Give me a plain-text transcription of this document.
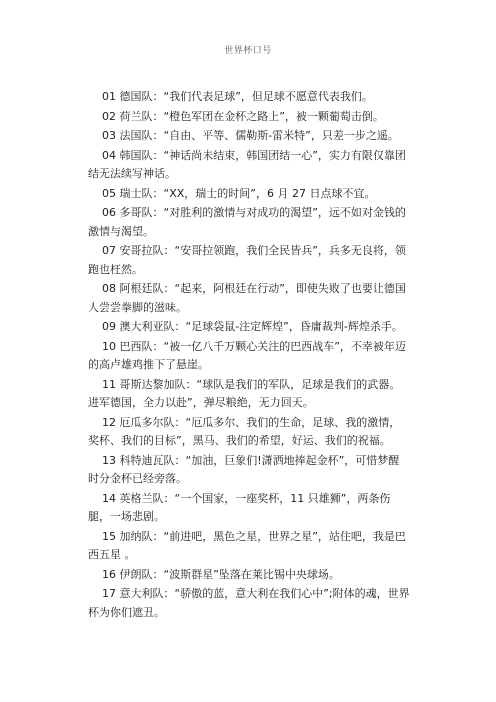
世界杯口号
01 德国队：“我们代表足球”，但足球不愿意代表我们。
02 荷兰队：“橙色军团在金杯之路上”，被一颗葡萄击倒。
03 法国队：“自由、平等、儒勒斯-雷米特”，只差一步之遥。
04 韩国队：“神话尚未结束，韩国团结一心”，实力有限仅靠团结无法续写神话。
05 瑞士队：“XX，瑞士的时间”，6 月 27 日点球不宜。
06 多哥队：“对胜利的激情与对成功的渴望”，远不如对金钱的激情与渴望。
07 安哥拉队：“安哥拉领跑，我们全民皆兵”，兵多无良将，领跑也枉然。
08 阿根廷队：“起来，阿根廷在行动”，即使失败了也要让德国人尝尝拳脚的滋味。
09 澳大利亚队：“足球袋鼠-注定辉煌”，昏庸裁判-辉煌杀手。
10 巴西队：“被一亿八千万颗心关注的巴西战车”，不幸被年迈的高卢雄鸡推下了悬崖。
11 哥斯达黎加队：“球队是我们的军队，足球是我们的武器。进军德国，全力以赴”，弹尽粮绝，无力回天。
12 厄瓜多尔队：“厄瓜多尔、我们的生命，足球、我的激情，奖杯、我们的目标”，黑马、我们的希望，好运、我们的祝福。
13 科特迪瓦队：“加油，巨象们!潇洒地捧起金杯”，可惜梦醒时分金杯已经旁落。
14 英格兰队：“一个国家，一座奖杯，11 只雄狮”，两条伤腿，一场悲剧。
15 加纳队：“前进吧，黑色之星，世界之星”，站住吧，我是巴西五星 。
16 伊朗队：“波斯群星”坠落在莱比锡中央球场。
17 意大利队：“骄傲的蓝，意大利在我们心中”;附体的魂，世界杯为你们遮丑。
